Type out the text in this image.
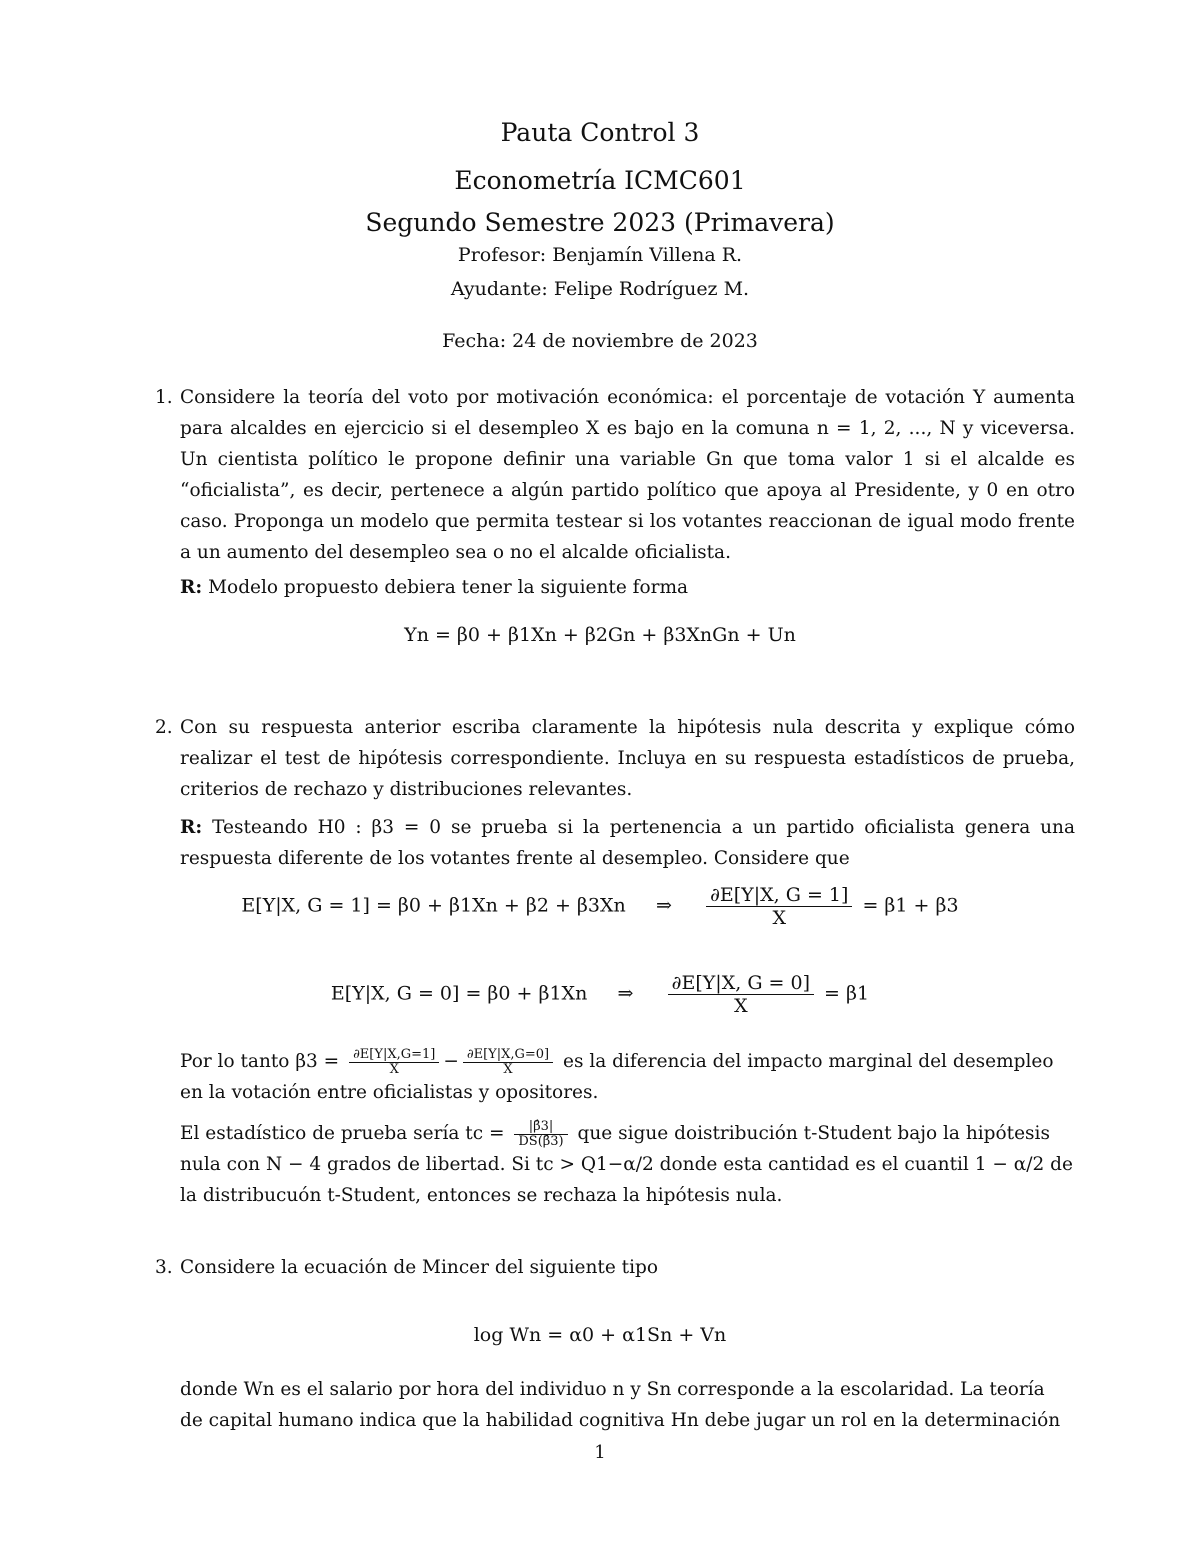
Pauta Control 3
Econometría ICMC601
Segundo Semestre 2023 (Primavera)
Profesor: Benjamín Villena R.
Ayudante: Felipe Rodríguez M.
Fecha: 24 de noviembre de 2023
1. Considere la teoría del voto por motivación económica: el porcentaje de votación Y aumenta para alcaldes en ejercicio si el desempleo X es bajo en la comuna n = 1, 2, ..., N y viceversa. Un cientista político le propone definir una variable Gn que toma valor 1 si el alcalde es “oficialista”, es decir, pertenece a algún partido político que apoya al Presidente, y 0 en otro caso. Proponga un modelo que permita testear si los votantes reaccionan de igual modo frente a un aumento del desempleo sea o no el alcalde oficialista.
R: Modelo propuesto debiera tener la siguiente forma
Yn = β0 + β1Xn + β2Gn + β3XnGn + Un
2. Con su respuesta anterior escriba claramente la hipótesis nula descrita y explique cómo realizar el test de hipótesis correspondiente. Incluya en su respuesta estadísticos de prueba, criterios de rechazo y distribuciones relevantes.
R: Testeando H0 : β3 = 0 se prueba si la pertenencia a un partido oficialista genera una respuesta diferente de los votantes frente al desempleo. Considere que
E[Y|X, G = 1] = β0 + β1Xn + β2 + β3Xn ⇒ $\frac{\partial E[Y|X, G = 1]}{X} = \beta 1 + \beta 3$
E[Y|X, G = 0] = β0 + β1Xn ⇒ $\frac{\partial E[Y|X, G = 0]}{X} = \beta 1$
Por lo tanto $\beta 3 = \frac{\partial E[Y|X,G=1]}{X} - \frac{\partial E[Y|X,G=0]}{X}$ es la diferencia del impacto marginal del desempleo
en la votación entre oficialistas y opositores.
El estadístico de prueba sería tc = $\frac{|\betâ3|}{DS(\betâ3)}$ que sigue doistribución t-Student bajo la hipótesis
nula con N − 4 grados de libertad. Si tc > Q1−α/2 donde esta cantidad es el cuantil 1 − α/2 de
la distribucuón t-Student, entonces se rechaza la hipótesis nula.
3. Considere la ecuación de Mincer del siguiente tipo
log Wn = α0 + α1Sn + Vn
donde Wn es el salario por hora del individuo n y Sn corresponde a la escolaridad. La teoría
de capital humano indica que la habilidad cognitiva Hn debe jugar un rol en la determinación
1
